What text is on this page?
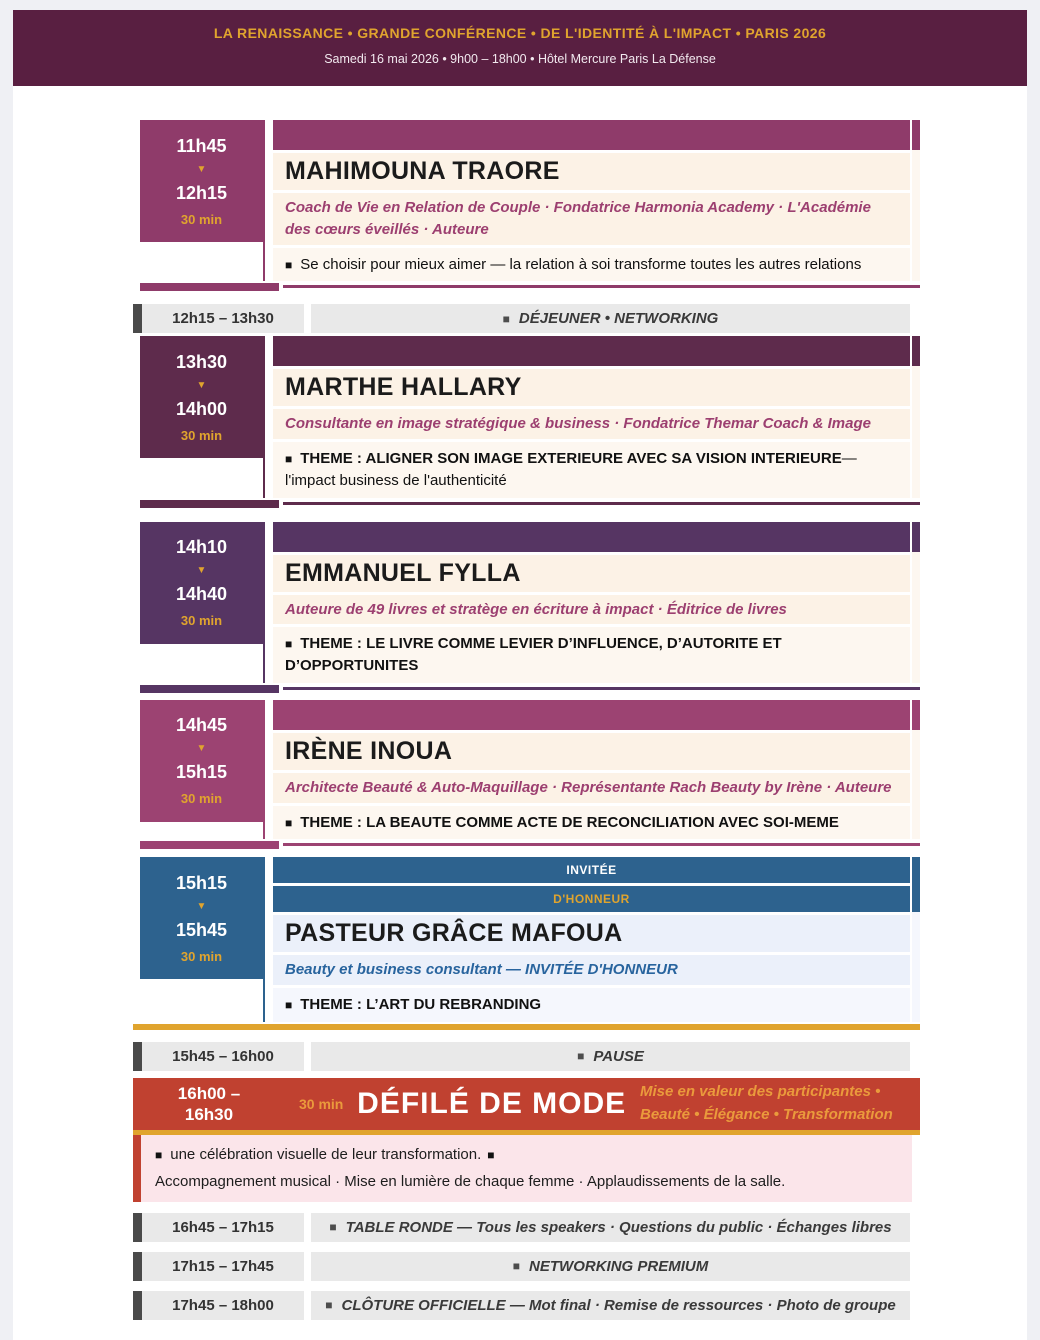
LA RENAISSANCE • GRANDE CONFÉRENCE • DE L'IDENTITÉ À L'IMPACT • PARIS 2026
Samedi 16 mai 2026 • 9h00 – 18h00 • Hôtel Mercure Paris La Défense
11h45
▼
12h15
30 min
MAHIMOUNA TRAORE

Coach de Vie en Relation de Couple · Fondatrice Harmonia Academy · L'Académie des cœurs éveillés · Auteure

■ Se choisir pour mieux aimer — la relation à soi transforme toutes les autres relations
12h15 – 13h30	■ DÉJEUNER • NETWORKING
13h30
▼
14h00
30 min
MARTHE HALLARY

Consultante en image stratégique & business · Fondatrice Themar Coach & Image

■ THEME : ALIGNER SON IMAGE EXTERIEURE AVEC SA VISION INTERIEURE— l'impact business de l'authenticité
14h10
▼
14h40
30 min
EMMANUEL FYLLA

Auteure de 49 livres et stratège en écriture à impact · Éditrice de livres

■ THEME : LE LIVRE COMME LEVIER D’INFLUENCE, D’AUTORITE ET D’OPPORTUNITES
14h45
▼
15h15
30 min
IRÈNE INOUA

Architecte Beauté & Auto-Maquillage · Représentante Rach Beauty by Irène · Auteure

■ THEME : LA BEAUTE COMME ACTE DE RECONCILIATION AVEC SOI-MEME
15h15
▼
15h45
30 min
INVITÉE
D'HONNEUR
PASTEUR GRÂCE MAFOUA

Beauty et business consultant — INVITÉE D'HONNEUR

■ THEME : L’ART DU REBRANDING
15h45 – 16h00	■ PAUSE
16h00 – 16h30
30 min DÉFILÉ DE MODE Mise en valeur des participantes •
Beauté • Élégance • Transformation
■ une célébration visuelle de leur transformation. ■
Accompagnement musical · Mise en lumière de chaque femme · Applaudissements de la salle.
16h45 – 17h15	■ TABLE RONDE — Tous les speakers · Questions du public · Échanges libres
17h15 – 17h45	■ NETWORKING PREMIUM
17h45 – 18h00	■ CLÔTURE OFFICIELLE — Mot final · Remise de ressources · Photo de groupe
